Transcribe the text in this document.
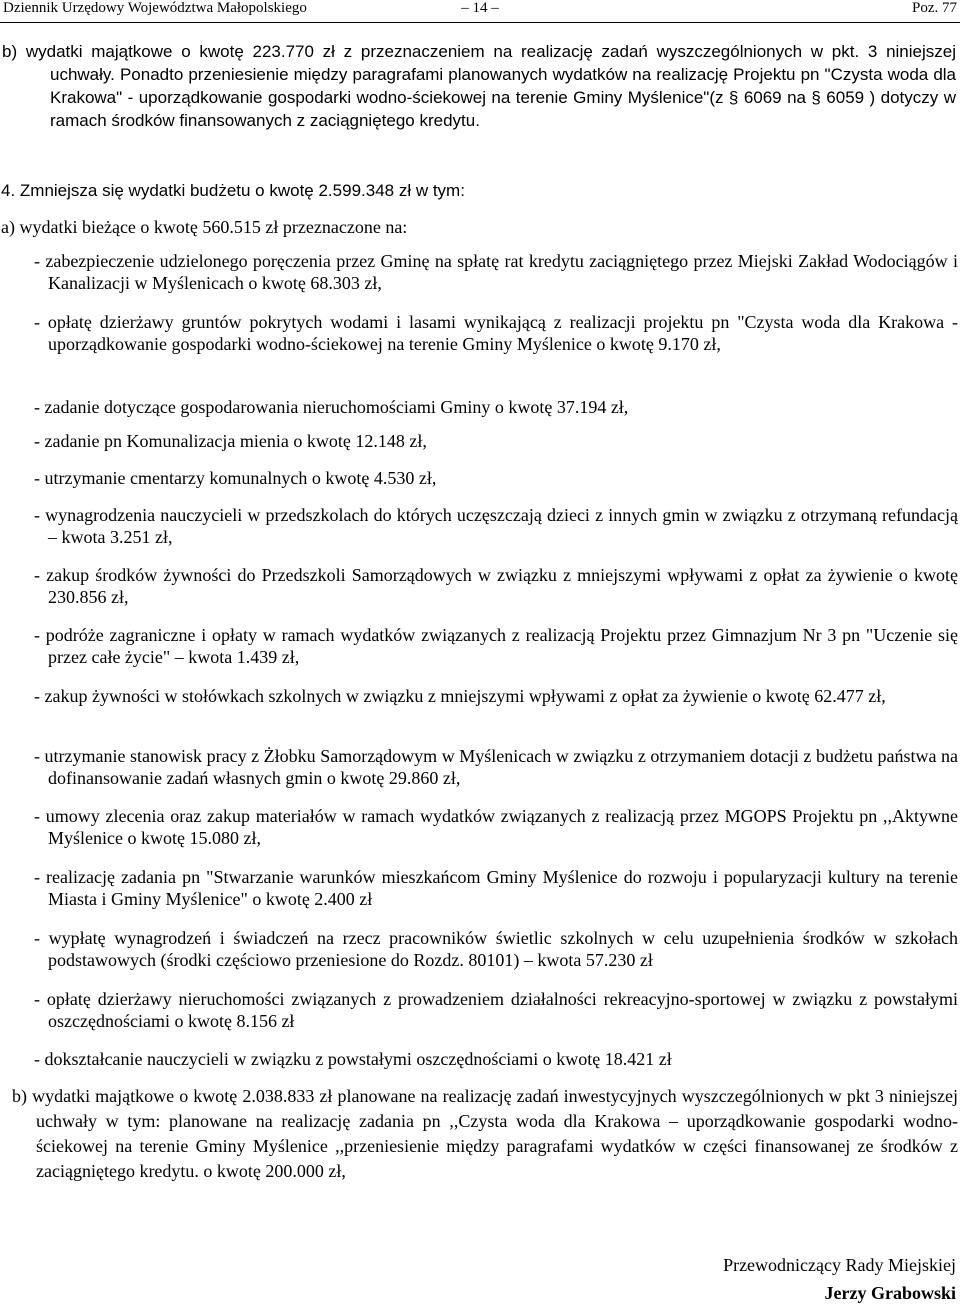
Dziennik Urzędowy Województwa Małopolskiego	– 14 –	Poz. 77
b) wydatki majątkowe o kwotę 223.770 zł z przeznaczeniem na realizację zadań wyszczególnionych w pkt. 3 niniejszej uchwały. Ponadto przeniesienie między paragrafami planowanych wydatków na realizację Projektu pn "Czysta woda dla Krakowa" - uporządkowanie gospodarki wodno-ściekowej na terenie Gminy Myślenice"(z § 6069 na § 6059 ) dotyczy w ramach środków finansowanych z zaciągniętego kredytu.
4. Zmniejsza się wydatki budżetu o kwotę 2.599.348 zł w tym:
a) wydatki bieżące o kwotę 560.515 zł przeznaczone na:
- zabezpieczenie udzielonego poręczenia przez Gminę na spłatę rat kredytu zaciągniętego przez Miejski Zakład Wodociągów i Kanalizacji w Myślenicach o kwotę 68.303 zł,
- opłatę dzierżawy gruntów pokrytych wodami i lasami wynikającą z realizacji projektu pn "Czysta woda dla Krakowa - uporządkowanie gospodarki wodno-ściekowej na terenie Gminy Myślenice o kwotę 9.170 zł,
- zadanie dotyczące gospodarowania nieruchomościami Gminy o kwotę 37.194 zł,
- zadanie pn Komunalizacja mienia o kwotę 12.148 zł,
- utrzymanie cmentarzy komunalnych o kwotę 4.530 zł,
- wynagrodzenia nauczycieli w przedszkolach do których uczęszczają dzieci z innych gmin w związku z otrzymaną refundacją – kwota 3.251 zł,
- zakup środków żywności do Przedszkoli Samorządowych w związku z mniejszymi wpływami z opłat za żywienie o kwotę 230.856 zł,
- podróże zagraniczne i opłaty w ramach wydatków związanych z realizacją Projektu przez Gimnazjum Nr 3 pn "Uczenie się przez całe życie" – kwota 1.439 zł,
- zakup żywności w stołówkach szkolnych w związku z mniejszymi wpływami z opłat za żywienie o kwotę 62.477 zł,
- utrzymanie stanowisk pracy z Żłobku Samorządowym w Myślenicach w związku z otrzymaniem dotacji z budżetu państwa na dofinansowanie zadań własnych gmin o kwotę 29.860 zł,
- umowy zlecenia oraz zakup materiałów w ramach wydatków związanych z realizacją przez MGOPS Projektu pn ,,Aktywne Myślenice o kwotę 15.080 zł,
- realizację zadania pn "Stwarzanie warunków mieszkańcom Gminy Myślenice do rozwoju i popularyzacji kultury na terenie Miasta i Gminy Myślenice" o kwotę 2.400 zł
- wypłatę wynagrodzeń i świadczeń na rzecz pracowników świetlic szkolnych w celu uzupełnienia środków w szkołach podstawowych (środki częściowo przeniesione do Rozdz. 80101) – kwota 57.230 zł
- opłatę dzierżawy nieruchomości związanych z prowadzeniem działalności rekreacyjno-sportowej w związku z powstałymi oszczędnościami o kwotę 8.156 zł
- dokształcanie nauczycieli w związku z powstałymi oszczędnościami o kwotę 18.421 zł
b) wydatki majątkowe o kwotę 2.038.833 zł planowane na realizację zadań inwestycyjnych wyszczególnionych w pkt 3 niniejszej uchwały w tym: planowane na realizację zadania pn ,,Czysta woda dla Krakowa – uporządkowanie gospodarki wodno-ściekowej na terenie Gminy Myślenice ,,przeniesienie między paragrafami wydatków w części finansowanej ze środków z zaciągniętego kredytu. o kwotę 200.000 zł,
Przewodniczący Rady Miejskiej
Jerzy Grabowski
